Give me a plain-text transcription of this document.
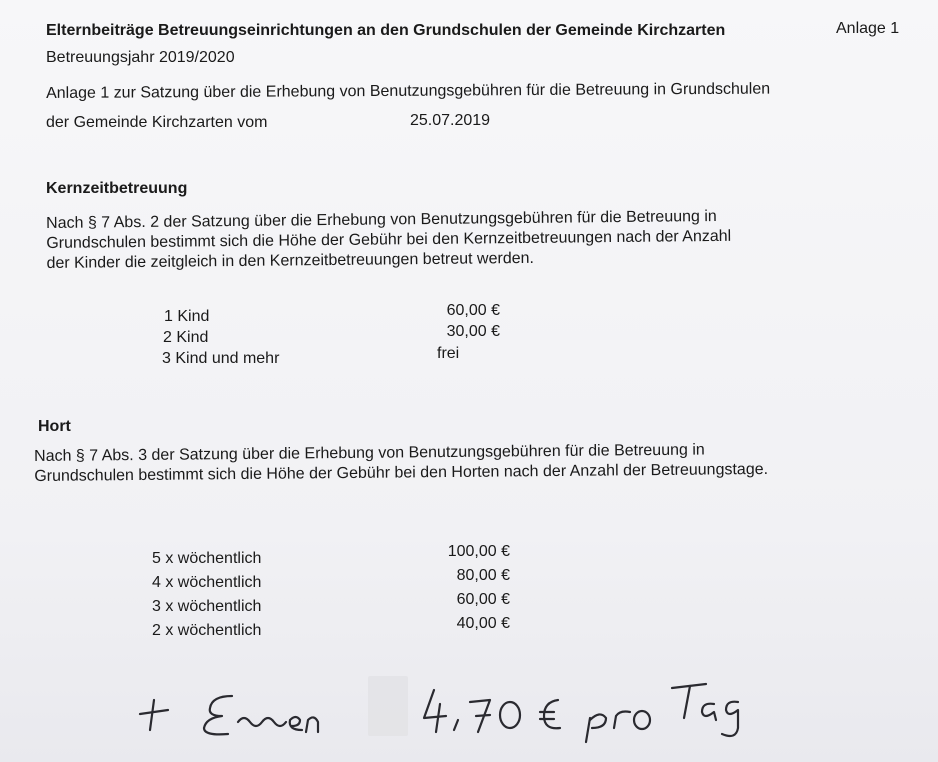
Elternbeiträge Betreuungseinrichtungen an den Grundschulen der Gemeinde Kirchzarten	Anlage 1
Betreuungsjahr 2019/2020
Anlage 1 zur Satzung über die Erhebung von Benutzungsgebühren für die Betreuung in Grundschulen
der Gemeinde Kirchzarten vom	25.07.2019
Kernzeitbetreuung
Nach § 7 Abs. 2 der Satzung über die Erhebung von Benutzungsgebühren für die Betreuung in
Grundschulen bestimmt sich die Höhe der Gebühr bei den Kernzeitbetreuungen nach der Anzahl
der Kinder die zeitgleich in den Kernzeitbetreuungen betreut werden.
1 Kind
2 Kind
3 Kind und mehr
60,00 €
30,00 €
frei
Hort
Nach § 7 Abs. 3 der Satzung über die Erhebung von Benutzungsgebühren für die Betreuung in
Grundschulen bestimmt sich die Höhe der Gebühr bei den Horten nach der Anzahl der Betreuungstage.
5 x wöchentlich
4 x wöchentlich
3 x wöchentlich
2 x wöchentlich
100,00 €
80,00 €
60,00 €
40,00 €
